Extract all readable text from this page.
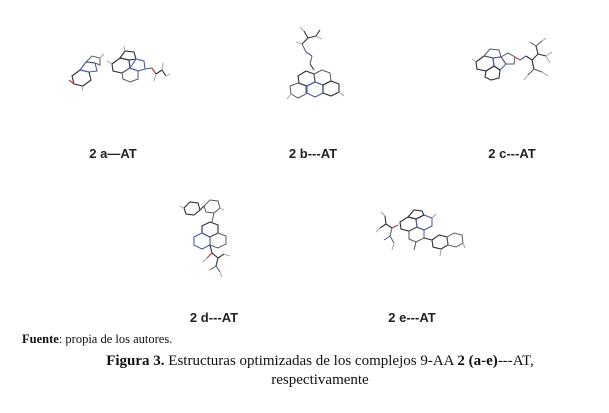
2 a—AT	2 b---AT	2 c---AT
2 d---AT	2 e---AT
Fuente: propia de los autores.
Figura 3. Estructuras optimizadas de los complejos 9-AA 2 (a-e)---AT,
respectivamente
